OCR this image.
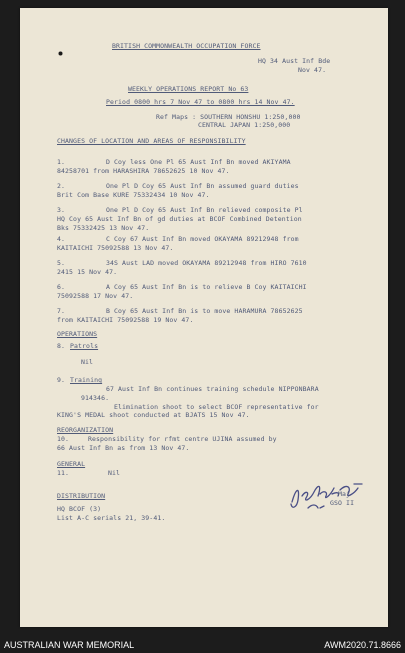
BRITISH COMMONWEALTH OCCUPATION FORCE
HQ 34 Aust Inf Bde
Nov 47.
WEEKLY OPERATIONS REPORT No 63
Period 0800 hrs 7 Nov 47 to 0800 hrs 14 Nov 47.
Ref Maps : SOUTHERN HONSHU 1:250,000
CENTRAL JAPAN 1:250,000
CHANGES OF LOCATION AND AREAS OF RESPONSIBILITY
OPERATIONS
8. Patrols
Nil
9. Training
67 Aust Inf Bn continues training schedule NIPPONBARA
914346.
Elimination shoot to select BCOF representative for
KING'S MEDAL shoot conducted at BJATS 15 Nov 47.
REORGANIZATION
10.	Responsibility for rfmt centre UJINA assumed by
66 Aust Inf Bn as from 13 Nov 47.
GENERAL
11.	Nil
Maj
GSO II
DISTRIBUTION
HQ BCOF (3)
List A-C serials 21, 39-41.
1.	D Coy less One Pl 65 Aust Inf Bn moved AKIYAMA
84258701 from HARASHIRA 78652625 10 Nov 47.
2.	One Pl D Coy 65 Aust Inf Bn assumed guard duties
Brit Com Base KURE 75332434 10 Nov 47.
3.	One Pl D Coy 65 Aust Inf Bn relieved composite Pl
HQ Coy 65 Aust Inf Bn of gd duties at BCOF Combined Detention
Bks 75332425 13 Nov 47.
4.	C Coy 67 Aust Inf Bn moved OKAYAMA 89212948 from
KAITAICHI 75092588 13 Nov 47.
5.	34S Aust LAD moved OKAYAMA 89212948 from HIRO 7610
2415 15 Nov 47.
6.	A Coy 65 Aust Inf Bn is to relieve B Coy KAITAICHI
75092588 17 Nov 47.
7.	B Coy 65 Aust Inf Bn is to move HARAMURA 78652625
from KAITAICHI 75092588 19 Nov 47.
AUSTRALIAN WAR MEMORIAL	AWM2020.71.8666
